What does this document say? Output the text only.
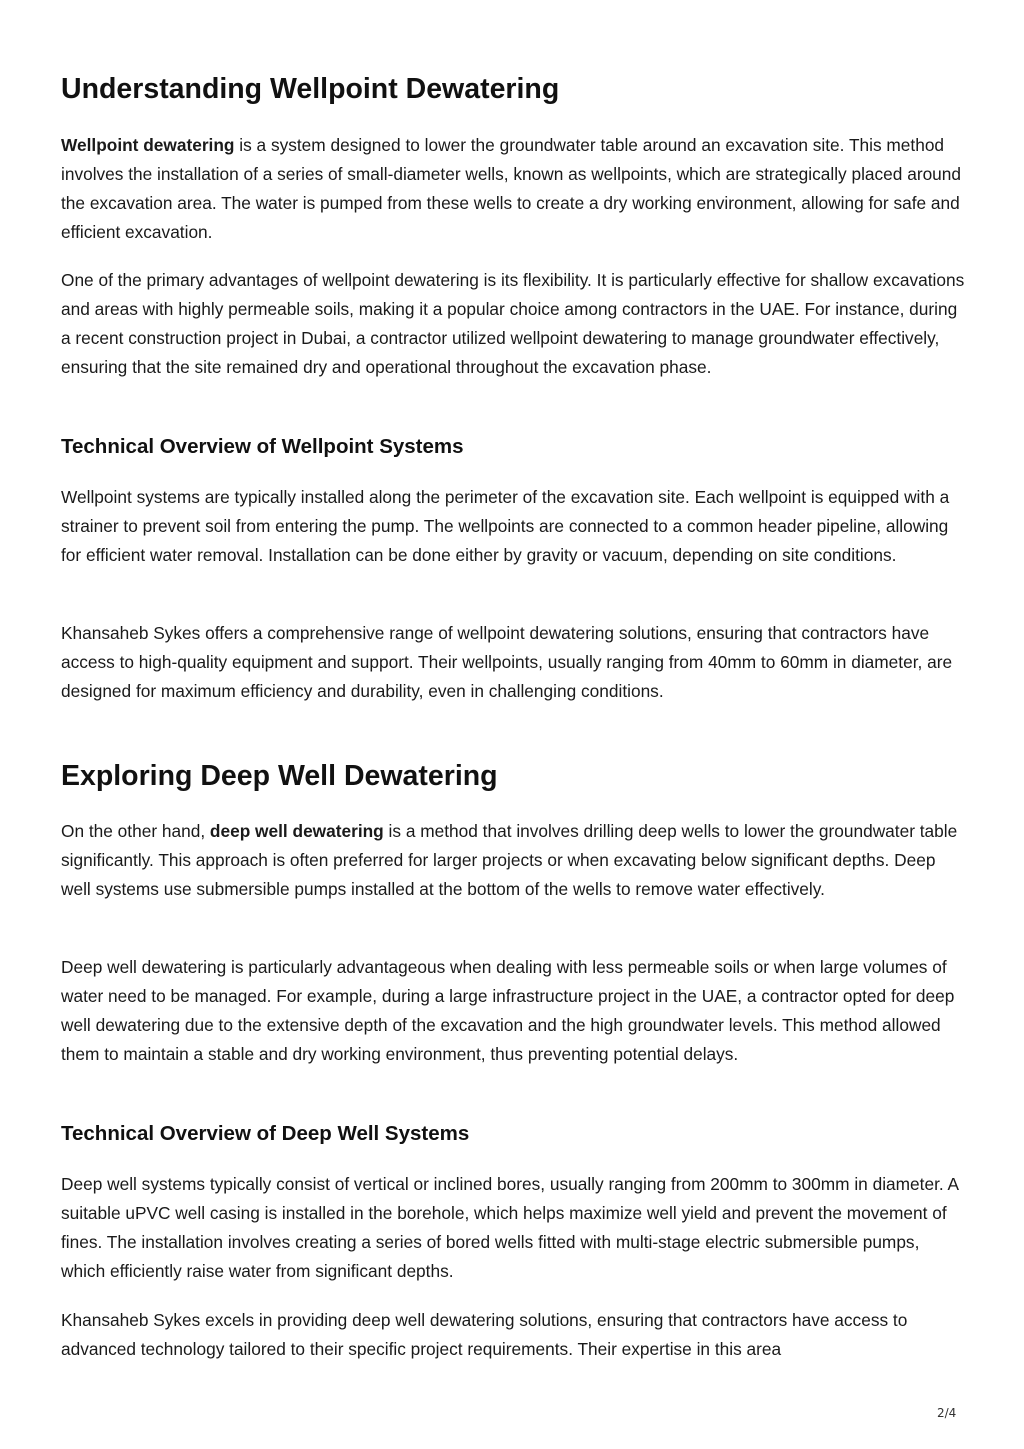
Understanding Wellpoint Dewatering

Wellpoint dewatering is a system designed to lower the groundwater table around an excavation site. This method involves the installation of a series of small-diameter wells, known as wellpoints, which are strategically placed around the excavation area. The water is pumped from these wells to create a dry working environment, allowing for safe and efficient excavation.

One of the primary advantages of wellpoint dewatering is its flexibility. It is particularly effective for shallow excavations and areas with highly permeable soils, making it a popular choice among contractors in the UAE. For instance, during a recent construction project in Dubai, a contractor utilized wellpoint dewatering to manage groundwater effectively, ensuring that the site remained dry and operational throughout the excavation phase.

Technical Overview of Wellpoint Systems

Wellpoint systems are typically installed along the perimeter of the excavation site. Each wellpoint is equipped with a strainer to prevent soil from entering the pump. The wellpoints are connected to a common header pipeline, allowing for efficient water removal. Installation can be done either by gravity or vacuum, depending on site conditions.

Khansaheb Sykes offers a comprehensive range of wellpoint dewatering solutions, ensuring that contractors have access to high-quality equipment and support. Their wellpoints, usually ranging from 40mm to 60mm in diameter, are designed for maximum efficiency and durability, even in challenging conditions.

Exploring Deep Well Dewatering

On the other hand, deep well dewatering is a method that involves drilling deep wells to lower the groundwater table significantly. This approach is often preferred for larger projects or when excavating below significant depths. Deep well systems use submersible pumps installed at the bottom of the wells to remove water effectively.

Deep well dewatering is particularly advantageous when dealing with less permeable soils or when large volumes of water need to be managed. For example, during a large infrastructure project in the UAE, a contractor opted for deep well dewatering due to the extensive depth of the excavation and the high groundwater levels. This method allowed them to maintain a stable and dry working environment, thus preventing potential delays.

Technical Overview of Deep Well Systems

Deep well systems typically consist of vertical or inclined bores, usually ranging from 200mm to 300mm in diameter. A suitable uPVC well casing is installed in the borehole, which helps maximize well yield and prevent the movement of fines. The installation involves creating a series of bored wells fitted with multi-stage electric submersible pumps, which efficiently raise water from significant depths.

Khansaheb Sykes excels in providing deep well dewatering solutions, ensuring that contractors have access to advanced technology tailored to their specific project requirements. Their expertise in this area

2/4
